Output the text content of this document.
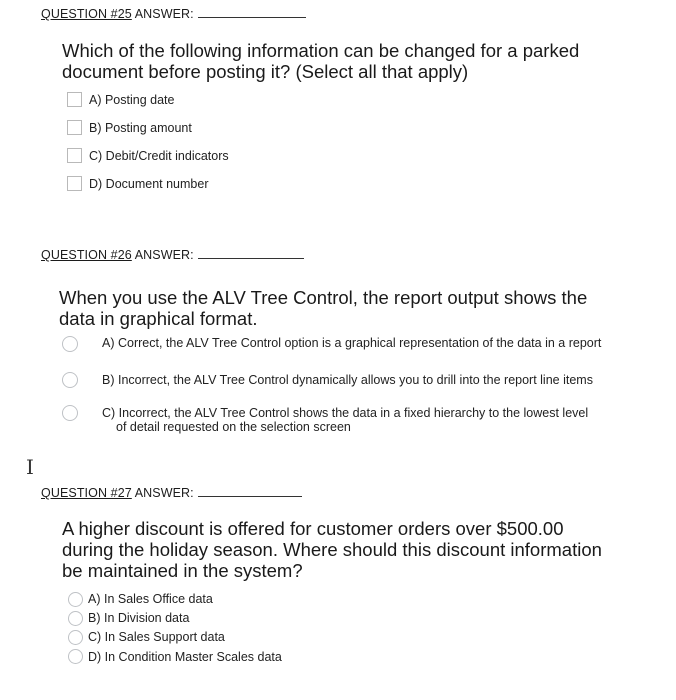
QUESTION #25 ANSWER:
Which of the following information can be changed for a parked
document before posting it? (Select all that apply)
A) Posting date
B) Posting amount
C) Debit/Credit indicators
D) Document number
QUESTION #26 ANSWER:
When you use the ALV Tree Control, the report output shows the
data in graphical format.
A) Correct, the ALV Tree Control option is a graphical representation of the data in a report
B) Incorrect, the ALV Tree Control dynamically allows you to drill into the report line items
C) Incorrect, the ALV Tree Control shows the data in a fixed hierarchy to the lowest level
of detail requested on the selection screen
I
QUESTION #27 ANSWER:
A higher discount is offered for customer orders over $500.00
during the holiday season. Where should this discount information
be maintained in the system?
A) In Sales Office data
B) In Division data
C) In Sales Support data
D) In Condition Master Scales data
